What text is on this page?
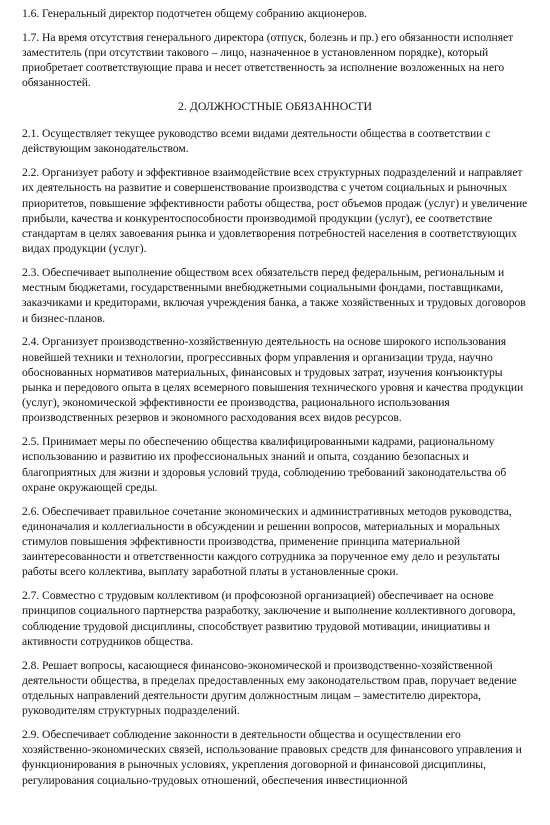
1.6. Генеральный директор подотчетен общему собранию акционеров.

1.7. На время отсутствия генерального директора (отпуск, болезнь и пр.) его обязанности исполняет заместитель (при отсутствии такового – лицо, назначенное в установленном порядке), который приобретает соответствующие права и несет ответственность за исполнение возложенных на него обязанностей.

2. ДОЛЖНОСТНЫЕ ОБЯЗАННОСТИ

2.1. Осуществляет текущее руководство всеми видами деятельности общества в соответствии с действующим законодательством.

2.2. Организует работу и эффективное взаимодействие всех структурных подразделений и направляет их деятельность на развитие и совершенствование производства с учетом социальных и рыночных приоритетов, повышение эффективности работы общества, рост объемов продаж (услуг) и увеличение прибыли, качества и конкурентоспособности производимой продукции (услуг), ее соответствие стандартам в целях завоевания рынка и удовлетворения потребностей населения в соответствующих видах продукции (услуг).

2.3. Обеспечивает выполнение обществом всех обязательств перед федеральным, региональным и местным бюджетами, государственными внебюджетными социальными фондами, поставщиками, заказчиками и кредиторами, включая учреждения банка, а также хозяйственных и трудовых договоров и бизнес-планов.

2.4. Организует производственно-хозяйственную деятельность на основе широкого использования новейшей техники и технологии, прогрессивных форм управления и организации труда, научно обоснованных нормативов материальных, финансовых и трудовых затрат, изучения конъюнктуры рынка и передового опыта в целях всемерного повышения технического уровня и качества продукции (услуг), экономической эффективности ее производства, рационального использования производственных резервов и экономного расходования всех видов ресурсов.

2.5. Принимает меры по обеспечению общества квалифицированными кадрами, рациональному использованию и развитию их профессиональных знаний и опыта, созданию безопасных и благоприятных для жизни и здоровья условий труда, соблюдению требований законодательства об охране окружающей среды.

2.6. Обеспечивает правильное сочетание экономических и административных методов руководства, единоначалия и коллегиальности в обсуждении и решении вопросов, материальных и моральных стимулов повышения эффективности производства, применение принципа материальной заинтересованности и ответственности каждого сотрудника за порученное ему дело и результаты работы всего коллектива, выплату заработной платы в установленные сроки.

2.7. Совместно с трудовым коллективом (и профсоюзной организацией) обеспечивает на основе принципов социального партнерства разработку, заключение и выполнение коллективного договора, соблюдение трудовой дисциплины, способствует развитию трудовой мотивации, инициативы и активности сотрудников общества.

2.8. Решает вопросы, касающиеся финансово-экономической и производственно-хозяйственной деятельности общества, в пределах предоставленных ему законодательством прав, поручает ведение отдельных направлений деятельности другим должностным лицам – заместителю директора, руководителям структурных подразделений.

2.9. Обеспечивает соблюдение законности в деятельности общества и осуществлении его хозяйственно-экономических связей, использование правовых средств для финансового управления и функционирования в рыночных условиях, укрепления договорной и финансовой дисциплины, регулирования социально-трудовых отношений, обеспечения инвестиционной
